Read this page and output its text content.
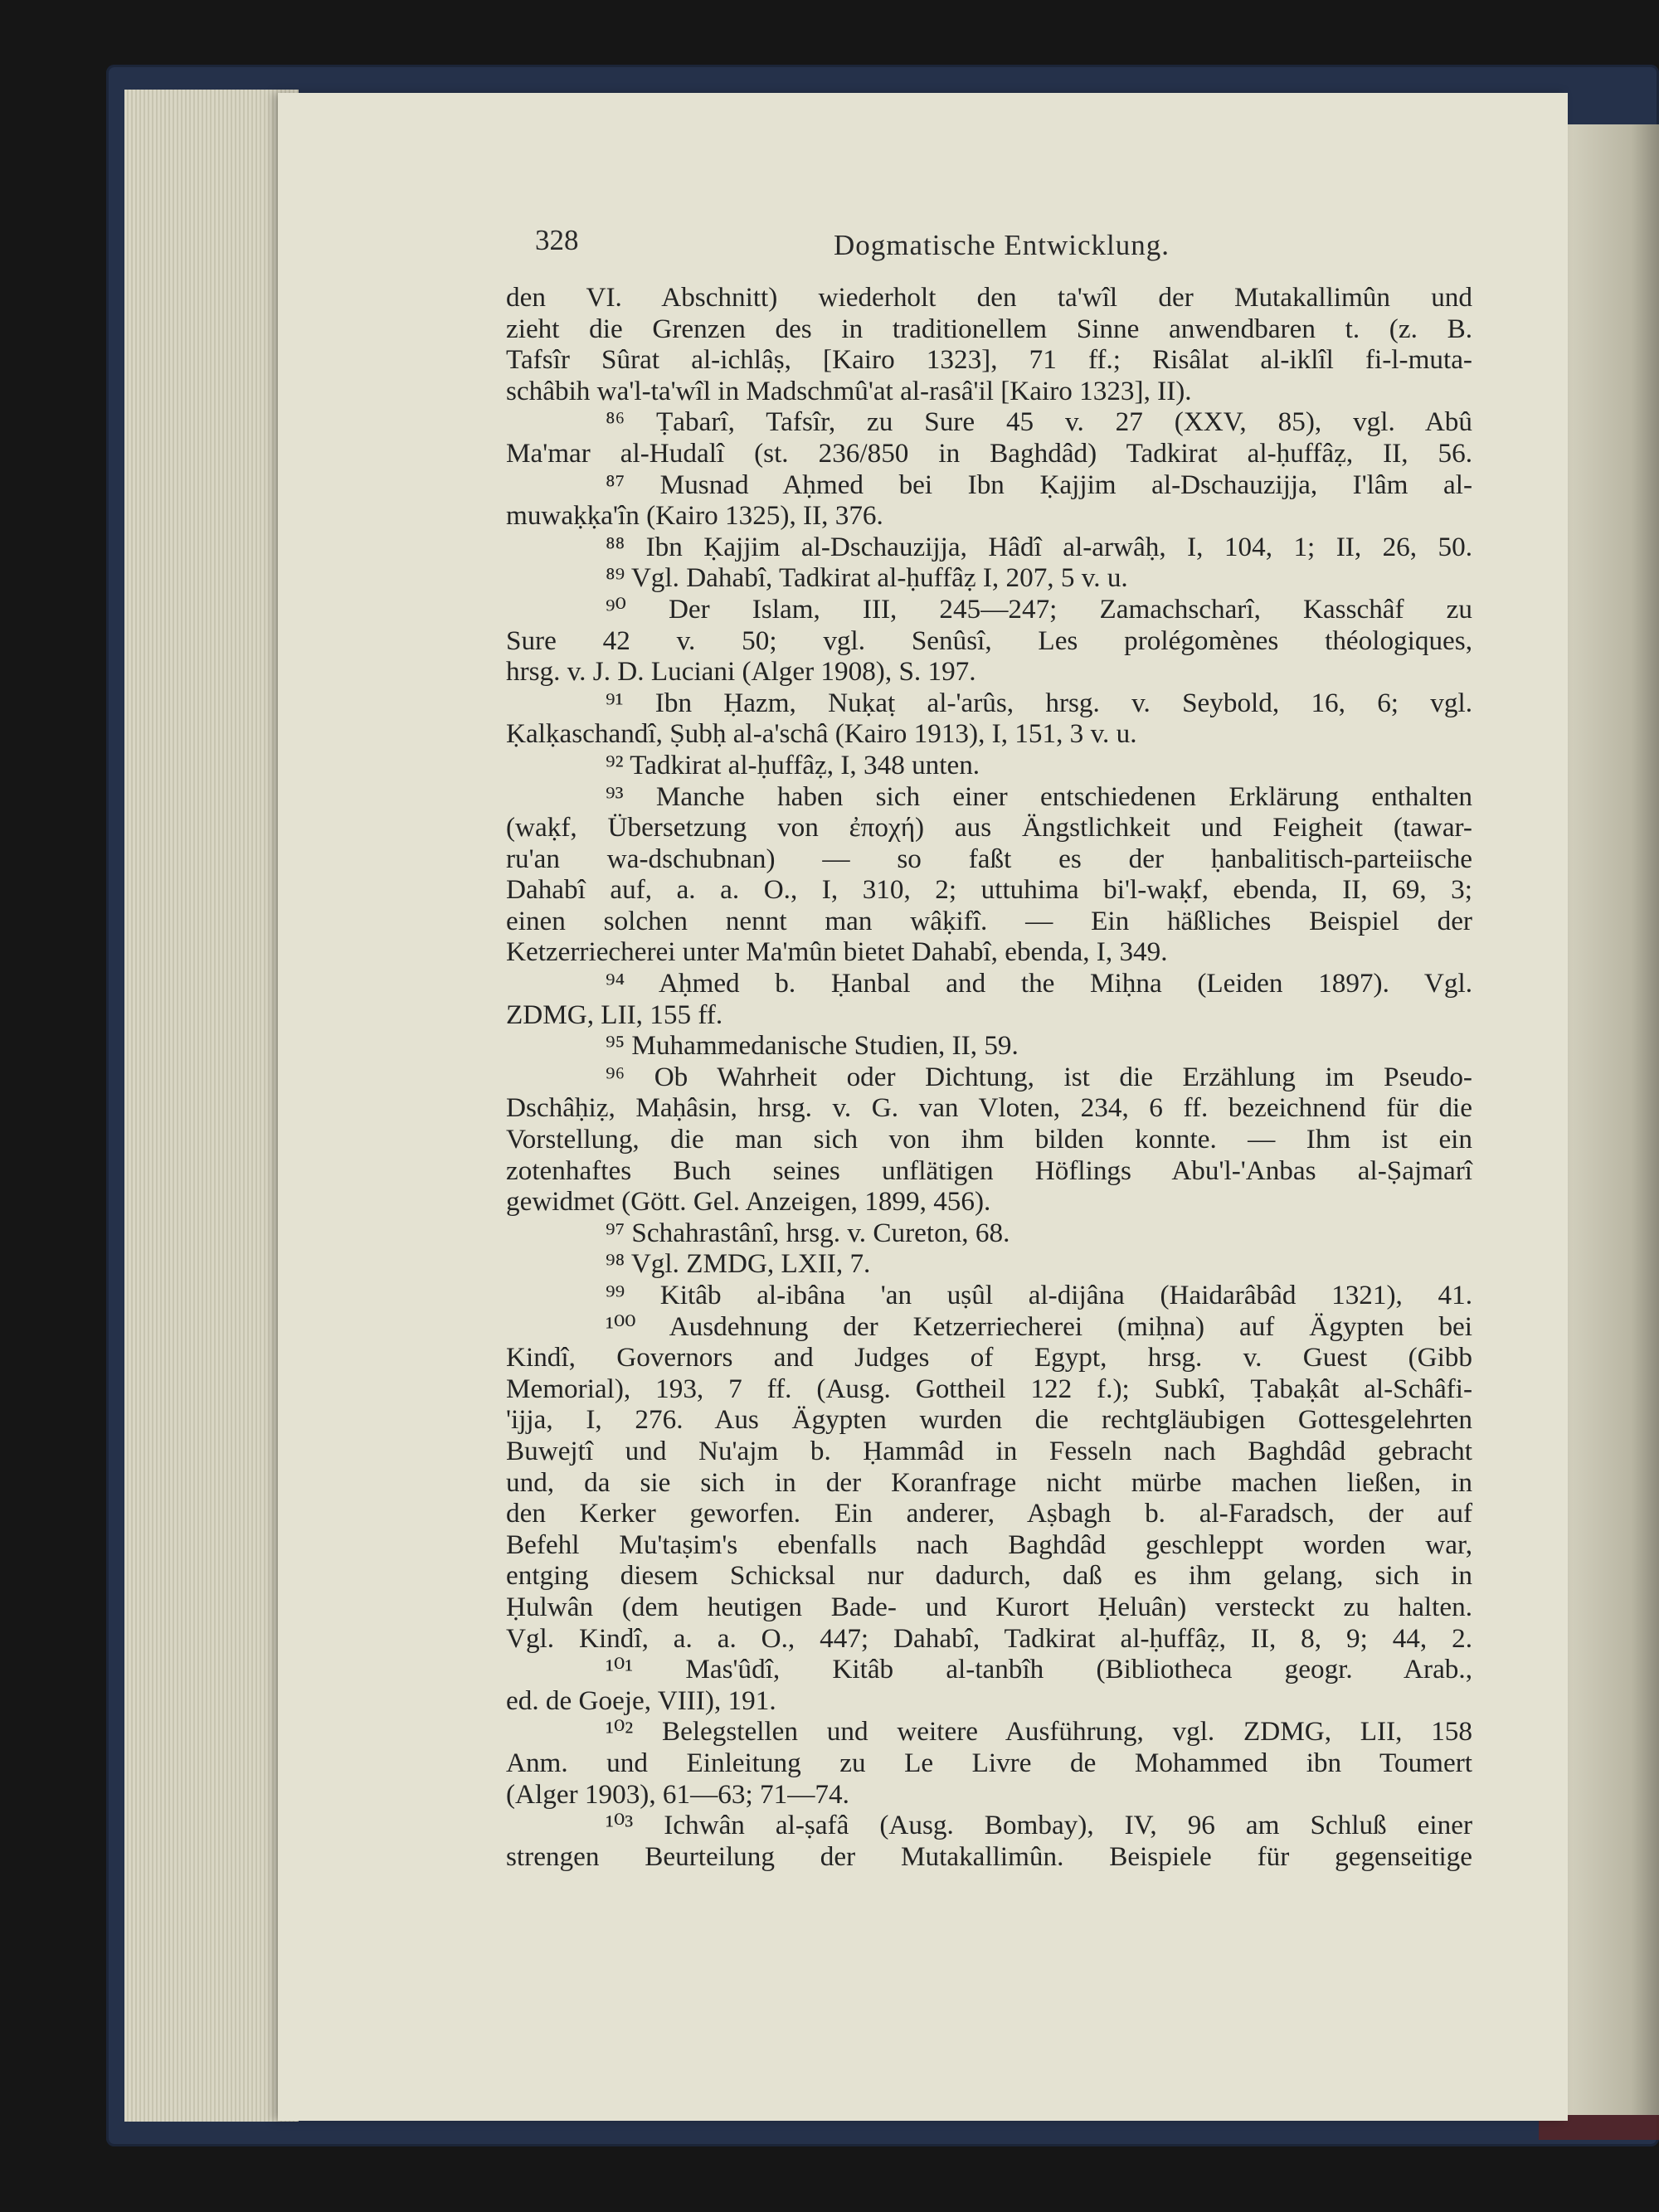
328	Dogmatische Entwicklung.
den VI. Abschnitt) wiederholt den ta'wîl der Mutakallimûn und
zieht die Grenzen des in traditionellem Sinne anwendbaren t. (z. B.
Tafsîr Sûrat al-ichlâṣ, [Kairo 1323], 71 ff.; Risâlat al-iklîl fi-l-muta-
schâbih wa'l-ta'wîl in Madschmû'at al-rasâ'il [Kairo 1323], II).
⁸⁶ Ṭabarî, Tafsîr, zu Sure 45 v. 27 (XXV, 85), vgl. Abû
Ma'mar al-Hudalî (st. 236/850 in Baghdâd) Tadkirat al-ḥuffâẓ, II, 56.
⁸⁷ Musnad Aḥmed bei Ibn Ḳajjim al-Dschauzijja, I'lâm al-
muwaḳḳa'în (Kairo 1325), II, 376.
⁸⁸ Ibn Ḳajjim al-Dschauzijja, Hâdî al-arwâḥ, I, 104, 1; II, 26, 50.
⁸⁹ Vgl. Dahabî, Tadkirat al-ḥuffâẓ I, 207, 5 v. u.
⁹⁰ Der Islam, III, 245—247; Zamachscharî, Kasschâf zu
Sure 42 v. 50; vgl. Senûsî, Les prolégomènes théologiques,
hrsg. v. J. D. Luciani (Alger 1908), S. 197.
⁹¹ Ibn Ḥazm, Nuḳaṭ al-'arûs, hrsg. v. Seybold, 16, 6; vgl.
Ḳalḳaschandî, Ṣubḥ al-a'schâ (Kairo 1913), I, 151, 3 v. u.
⁹² Tadkirat al-ḥuffâẓ, I, 348 unten.
⁹³ Manche haben sich einer entschiedenen Erklärung enthalten
(waḳf, Übersetzung von ἐποχή) aus Ängstlichkeit und Feigheit (tawar-
ru'an wa-dschubnan) — so faßt es der ḥanbalitisch-parteiische
Dahabî auf, a. a. O., I, 310, 2; uttuhima bi'l-waḳf, ebenda, II, 69, 3;
einen solchen nennt man wâḳifî. — Ein häßliches Beispiel der
Ketzerriecherei unter Ma'mûn bietet Dahabî, ebenda, I, 349.
⁹⁴ Aḥmed b. Ḥanbal and the Miḥna (Leiden 1897). Vgl.
ZDMG, LII, 155 ff.
⁹⁵ Muhammedanische Studien, II, 59.
⁹⁶ Ob Wahrheit oder Dichtung, ist die Erzählung im Pseudo-
Dschâḥiẓ, Maḥâsin, hrsg. v. G. van Vloten, 234, 6 ff. bezeichnend für die
Vorstellung, die man sich von ihm bilden konnte. — Ihm ist ein
zotenhaftes Buch seines unflätigen Höflings Abu'l-'Anbas al-Ṣajmarî
gewidmet (Gött. Gel. Anzeigen, 1899, 456).
⁹⁷ Schahrastânî, hrsg. v. Cureton, 68.
⁹⁸ Vgl. ZMDG, LXII, 7.
⁹⁹ Kitâb al-ibâna 'an uṣûl al-dijâna (Haidarâbâd 1321), 41.
¹⁰⁰ Ausdehnung der Ketzerriecherei (miḥna) auf Ägypten bei
Kindî, Governors and Judges of Egypt, hrsg. v. Guest (Gibb
Memorial), 193, 7 ff. (Ausg. Gottheil 122 f.); Subkî, Ṭabaḳât al-Schâfi-
'ijja, I, 276. Aus Ägypten wurden die rechtgläubigen Gottesgelehrten
Buwejtî und Nu'ajm b. Ḥammâd in Fesseln nach Baghdâd gebracht
und, da sie sich in der Koranfrage nicht mürbe machen ließen, in
den Kerker geworfen. Ein anderer, Aṣbagh b. al-Faradsch, der auf
Befehl Mu'taṣim's ebenfalls nach Baghdâd geschleppt worden war,
entging diesem Schicksal nur dadurch, daß es ihm gelang, sich in
Ḥulwân (dem heutigen Bade- und Kurort Ḥeluân) versteckt zu halten.
Vgl. Kindî, a. a. O., 447; Dahabî, Tadkirat al-ḥuffâẓ, II, 8, 9; 44, 2.
¹⁰¹ Mas'ûdî, Kitâb al-tanbîh (Bibliotheca geogr. Arab.,
ed. de Goeje, VIII), 191.
¹⁰² Belegstellen und weitere Ausführung, vgl. ZDMG, LII, 158
Anm. und Einleitung zu Le Livre de Mohammed ibn Toumert
(Alger 1903), 61—63; 71—74.
¹⁰³ Ichwân al-ṣafâ (Ausg. Bombay), IV, 96 am Schluß einer
strengen Beurteilung der Mutakallimûn. Beispiele für gegenseitige
